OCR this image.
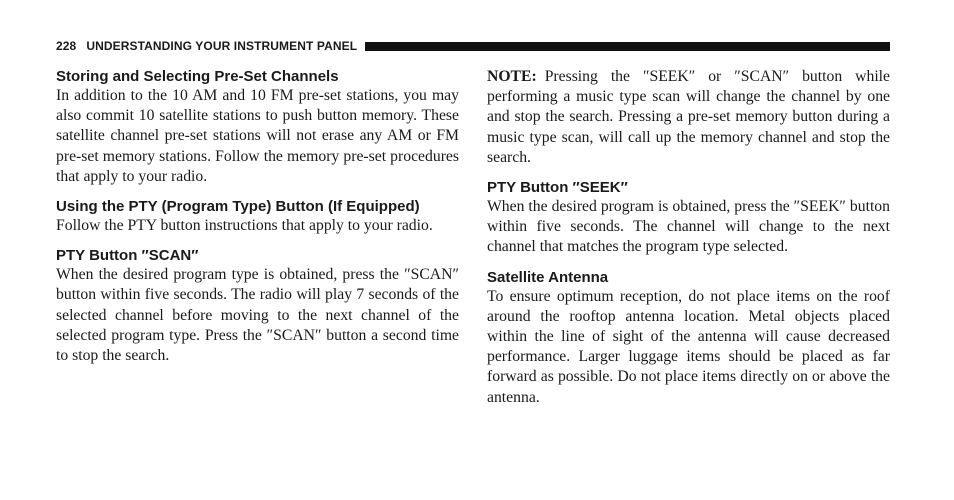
228 UNDERSTANDING YOUR INSTRUMENT PANEL
Storing and Selecting Pre-Set Channels

In addition to the 10 AM and 10 FM pre-set stations, you may also commit 10 satellite stations to push button memory. These satellite channel pre-set stations will not erase any AM or FM pre-set memory stations. Follow the memory pre-set procedures that apply to your radio.

Using the PTY (Program Type) Button (If Equipped)

Follow the PTY button instructions that apply to your radio.

PTY Button ″SCAN″

When the desired program type is obtained, press the ″SCAN″ button within five seconds. The radio will play 7 seconds of the selected channel before moving to the next channel of the selected program type. Press the ″SCAN″ button a second time to stop the search.

NOTE: Pressing the ″SEEK″ or ″SCAN″ button while performing a music type scan will change the channel by one and stop the search. Pressing a pre-set memory button during a music type scan, will call up the memory channel and stop the search.

PTY Button ″SEEK″

When the desired program is obtained, press the ″SEEK″ button within five seconds. The channel will change to the next channel that matches the program type selected.

Satellite Antenna

To ensure optimum reception, do not place items on the roof around the rooftop antenna location. Metal objects placed within the line of sight of the antenna will cause decreased performance. Larger luggage items should be placed as far forward as possible. Do not place items directly on or above the antenna.
